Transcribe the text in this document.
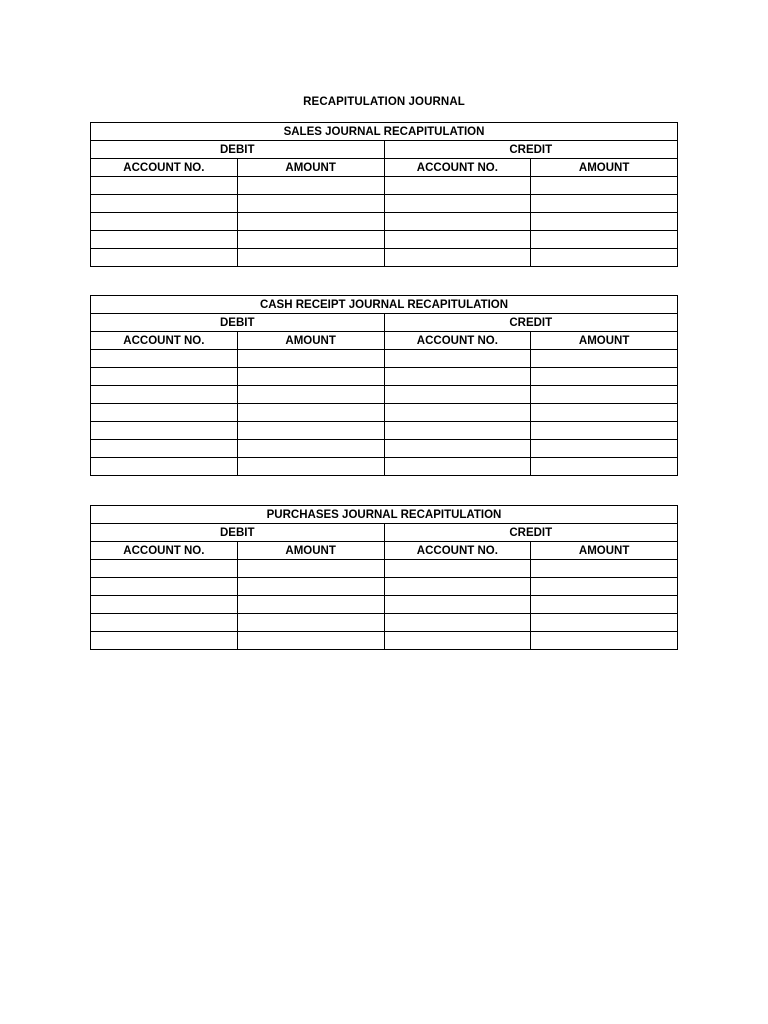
RECAPITULATION JOURNAL
SALES JOURNAL RECAPITULATION			
DEBIT		CREDIT	
ACCOUNT NO.	AMOUNT	ACCOUNT NO.	AMOUNT

CASH RECEIPT JOURNAL RECAPITULATION			
DEBIT		CREDIT	
ACCOUNT NO.	AMOUNT	ACCOUNT NO.	AMOUNT

PURCHASES JOURNAL RECAPITULATION			
DEBIT		CREDIT	
ACCOUNT NO.	AMOUNT	ACCOUNT NO.	AMOUNT
